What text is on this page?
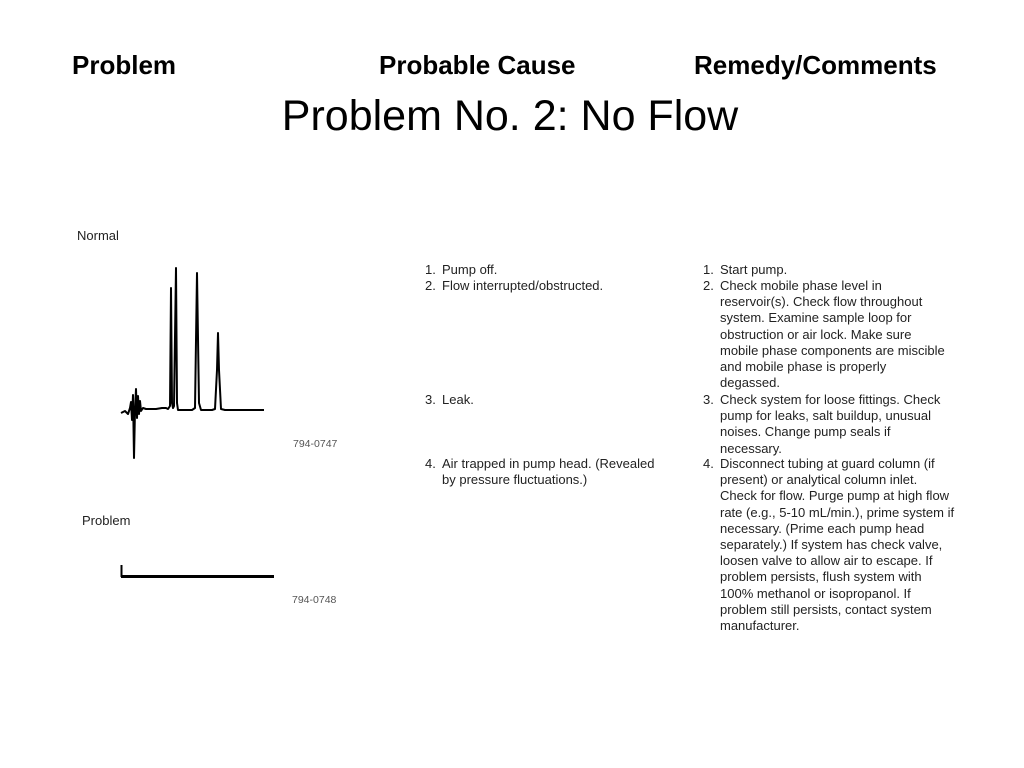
Problem	Probable Cause	Remedy/Comments
Problem No. 2: No Flow
Normal
794-0747
Problem
794-0748
1. Pump off.
2. Flow interrupted/obstructed.
3. Leak.
4. Air trapped in pump head. (Revealed by pressure fluctuations.)
1. Start pump.
2. Check mobile phase level in reservoir(s). Check flow throughout system. Examine sample loop for obstruction or air lock. Make sure mobile phase components are miscible and mobile phase is properly degassed.
3. Check system for loose fittings. Check pump for leaks, salt buildup, unusual noises. Change pump seals if necessary.
4. Disconnect tubing at guard column (if present) or analytical column inlet. Check for flow. Purge pump at high flow rate (e.g., 5-10 mL/min.), prime system if necessary. (Prime each pump head separately.) If system has check valve, loosen valve to allow air to escape. If problem persists, flush system with 100% methanol or isopropanol. If problem still persists, contact system manufacturer.
